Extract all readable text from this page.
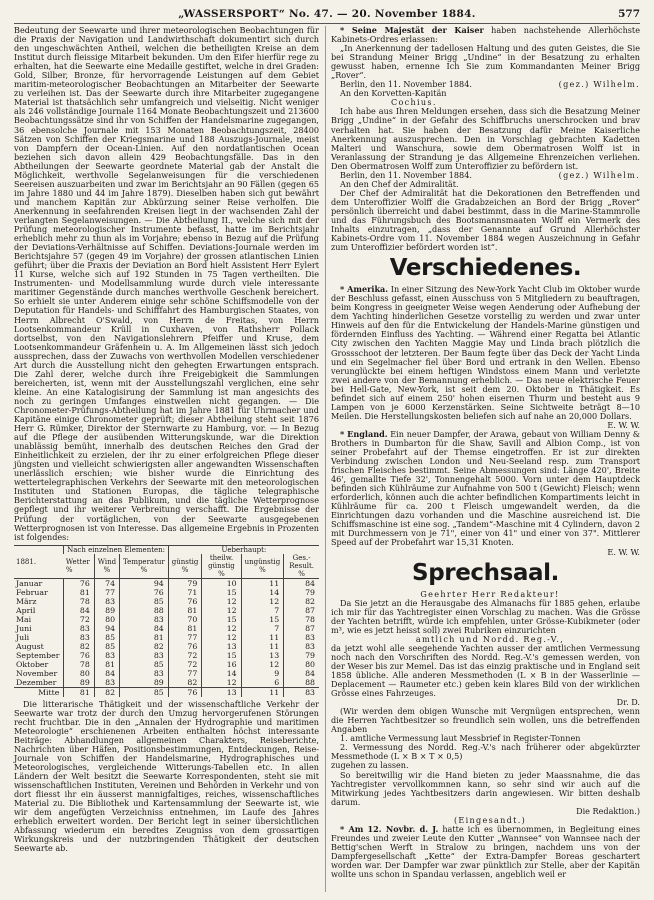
„WASSERSPORT“ No. 47. — 20. November 1884.	577

Bedeutung der Seewarte und ihrer meteorologischen Beobachtungen für die Praxis der Navigation und Landwirthschaft dokumentirt sich durch den ungeschwächten Antheil, welchen die betheiligten Kreise an dem Institut durch fleissige Mitarbeit bekunden. Um den Eifer hierfür rege zu erhalten, hat die Seewarte eine Medaille gestiftet, welche in drei Graden: Gold, Silber, Bronze, für hervorragende Leistungen auf dem Gebiet maritim-meteorologischer Beobachtungen an Mitarbeiter der Seewarte zu verleihen ist. Das der Seewarte durch ihre Mitarbeiter zugegangene Material ist thatsächlich sehr umfangreich und vielseitig. Nicht weniger als 246 vollständige Journale 1164 Monate Beobachtungszeit und 213600 Beobachtungssätze sind ihr von Schiffen der Handelsmarine zugegangen, 36 ebensolche Journale mit 153 Monaten Beobachtungszeit, 28400 Sätzen von Schiffen der Kriegsmarine und 188 Auszugs-Journale, meist von Dampfern der Ocean-Linien. Auf den nordatlantischen Ocean beziehen sich davon allein 429 Beobachtungsfälle. Das in den Abtheilungen der Seewarte geordnete Material gab der Anstalt die Möglichkeit, werthvolle Segelanweisungen für die verschiedenen Seereisen auszuarbeiten und zwar im Berichtsjahr an 90 Fällen (gegen 65 im Jahre 1880 und 44 im Jahre 1879). Dieselben haben sich gut bewährt und manchem Kapitän zur Abkürzung seiner Reise verholfen. Die Anerkennung in seefahrenden Kreisen liegt in der wachsenden Zahl der verlangten Segelanweisungen. — Die Abtheilung II., welche sich mit der Prüfung meteorologischer Instrumente befasst, hatte im Berichtsjahr erheblich mehr zu thun als im Vorjahre; ebenso in Bezug auf die Prüfung der Deviations-Verhältnisse auf Schiffen. Deviations-Journale werden im Berichtsjahre 57 (gegen 49 im Vorjahre) der grossen atlantischen Linien geführt; über die Praxis der Deviation an Bord hielt Assistent Herr Eylert 11 Kurse, welche sich auf 192 Stunden in 75 Tagen vertheilten. Die Instrumenten- und Modellsammlung wurde durch viele interessante maritimer Gegenstände durch manches werthvolle Geschenk bereichert. So erhielt sie unter Anderem einige sehr schöne Schiffsmodelle von der Deputation für Handels- und Schifffahrt des Hamburgischen Staates, von Herrn Albrecht O'Swald, von Herrn de Freitas, von Herrn Lootsenkommandeur Krüll in Cuxhaven, von Rathsherr Pollack dortselbst, von den Navigationslehrern Pfeiffer und Kruse, dem Lootsenkommandeur Gräfenhein u. A. Im Allgemeinen lässt sich jedoch aussprechen, dass der Zuwachs von werthvollen Modellen verschiedener Art durch die Ausstellung nicht den gehegten Erwartungen entsprach. Die Zahl derer, welche durch ihre Freigebigkeit die Sammlungen bereicherten, ist, wenn mit der Ausstellungszahl verglichen, eine sehr kleine. An eine Katalogisirung der Sammlung ist man angesichts des noch zu geringen Umfanges einstweilen nicht gegangen. — Die Chronometer-Prüfungs-Abtheilung hat im Jahre 1881 für Uhrmacher und Kapitäne einige Chronometer geprüft; dieser Abtheilung steht seit 1876 Herr G. Rümker, Direktor der Sternwarte zu Hamburg, vor. — In Bezug auf die Pflege der ausübenden Witterungskunde, war die Direktion unablässig bemüht, innerhalb des deutschen Reiches den Grad der Einheitlichkeit zu erzielen, der ihr zu einer erfolgreichen Pflege dieser jüngsten und vielleicht schwierigsten aller angewandten Wissenschaften unerlässlich erschien; wie bisher wurde die Einrichtung des wettertelegraphischen Verkehrs der Seewarte mit den meteorologischen Instituten und Stationen Europas, die tägliche telegraphische Berichterstattung an das Publikum, und die tägliche Wetterprognose gepflegt und ihr weiterer Verbreitung verschafft. Die Ergebnisse der Prüfung der vortäglichen, von der Seewarte ausgegebenen Wetterprognosen ist von Interesse. Das allgemeine Ergebnis in Prozenten ist folgendes:

1881.	Nach einzelnen Elementen:			Ueberhaupt:			
	Wetter %	Wind %	Temperatur %	günstig %	theilw. günstig %	ungünstig %	Ges.-Result. %
Januar	76	74	94	79	10	11	84
Februar	81	77	76	71	15	14	79
März	78	83	85	76	12	12	82
April	84	89	88	81	12	7	87
Mai	72	80	83	70	15	15	78
Juni	83	94	84	81	12	7	87
Juli	83	85	81	77	12	11	83
August	82	85	82	76	13	11	83
September	76	83	83	72	15	13	79
Oktober	78	81	85	72	16	12	80
November	80	84	83	77	14	9	84
Dezember	89	83	89	82	12	6	88
Mitte	81	82	85	76	13	11	83

Die litterarische Thätigkeit und der wissenschaftliche Verkehr der Seewarte war trotz der durch den Umzug hervorgerufenen Störungen recht fruchtbar. Die in den „Annalen der Hydrographie und maritimen Meteorologie“ erschienenen Arbeiten enthalten höchst interessante Beiträge: Abhandlungen allgemeinen Charakters, Reiseberichte, Nachrichten über Häfen, Positionsbestimmungen, Entdeckungen, Reise-Journale von Schiffen der Handelsmarine, Hydrographisches und Meteorologisches, vergleichende Witterungs-Tabellen etc. In allen Ländern der Welt besitzt die Seewarte Korrespondenten, steht sie mit wissenschaftlichen Instituten, Vereinen und Behörden in Verkehr und von dort fliesst ihr ein äusserst mannigfaltiges, reiches, wissenschaftliches Material zu. Die Bibliothek und Kartensammlung der Seewarte ist, wie wir dem angefügten Verzeichniss entnehmen, im Laufe des Jahres erheblich erweitert worden. Der Bericht legt in seiner übersichtlichen Abfassung wiederum ein beredtes Zeugniss von dem grossartigen Wirkungskreis und der nutzbringenden Thätigkeit der deutschen Seewarte ab.

* Seine Majestät der Kaiser haben nachstehende Allerhöchste Kabinets-Ordres erlassen:

„In Anerkennung der tadellosen Haltung und des guten Geistes, die Sie bei Strandung Meiner Brigg „Undine“ in der Besatzung zu erhalten gewusst haben, ernenne Ich Sie zum Kommandanten Meiner Brigg „Rover“.

Berlin, den 11. November 1884.	(gez.) Wilhelm.

An den Korvetten-Kapitän

Cochius.

Ich habe aus Ihren Meldungen ersehen, dass sich die Besatzung Meiner Brigg „Undine“ in der Gefahr des Schiffbruchs unerschrocken und brav verhalten hat. Sie haben der Besatzung dafür Meine Kaiserliche Anerkennung auszusprechen. Den in Vorschlag gebrachten Kadetten Malteri und Wanschura, sowie dem Obermatrosen Wolff ist in Veranlassung der Strandung je das Allgemeine Ehrenzeichen verliehen. Den Obermatrosen Wolff zum Unteroffizier zu befördern ist.

Berlin, den 11. November 1884.	(gez.) Wilhelm.

An den Chef der Admiralität.

Der Chef der Admiralität hat die Dekorationen den Betreffenden und dem Unteroffizier Wolff die Gradabzeichen an Bord der Brigg „Rover“ persönlich überreicht und dabei bestimmt, dass in die Marine-Stammrolle und das Führungsbuch des Bootsmannsmaaten Wolff ein Vermerk des Inhalts einzutragen, „dass der Genannte auf Grund Allerhöchster Kabinets-Ordre vom 11. November 1884 wegen Auszeichnung in Gefahr zum Unteroffizier befördert worden ist“.

Verschiedenes.

* Amerika. In einer Sitzung des New-York Yacht Club im Oktober wurde der Beschluss gefasst, einen Ausschuss von 5 Mitgliedern zu beauftragen, beim Kongress in geeigneter Weise wegen Aenderung oder Aufhebung der dem Yachting hinderlichen Gesetze vorstellig zu werden und zwar unter Hinweis auf den für die Entwickelung der Handels-Marine günstigen und fördernden Einfluss des Yachting. — Während einer Regatta bei Atlantic City zwischen den Yachten Maggie May und Linda brach plötzlich die Grossschoot der letzteren. Der Baum fegte über das Deck der Yacht Linda und ein Segelmacher fiel über Bord und ertrank in den Wellen. Ebenso verunglückte bei einem heftigen Windstoss einem Mann und verletzte zwei andere von der Bemannung erheblich. — Das neue elektrische Feuer bei Hell-Gate, New-York, ist seit dem 20. Oktober in Thätigkeit. Es befindet sich auf einem 250' hohen eisernen Thurm und besteht aus 9 Lampen von je 6000 Kerzenstärken. Seine Sichtweite beträgt 8—10 Meilen. Die Herstellungskosten beliefen sich auf nahe an 20,000 Dollars.

E. W. W.

* England. Ein neuer Dampfer, der Arawa, gebaut von William Denny & Brothers in Dumbarton für die Shaw, Savill and Albion Comp., ist von seiner Probefahrt auf der Themse eingetroffen. Er ist zur direkten Verbindung zwischen London und Neu-Seeland resp. zum Transport frischen Fleisches bestimmt. Seine Abmessungen sind: Länge 420', Breite 46', gemallte Tiefe 32', Tonnengehalt 5000. Vorn unter dem Hauptdeck befinden sich Kühlräume zur Aufnahme von 500 t (Gewicht) Fleisch; wenn erforderlich, können auch die achter befindlichen Kompartiments leicht in Kühlräume für ca. 200 t Fleisch umgewandelt werden, da die Einrichtungen dazu vorhanden und die Maschine ausreichend ist. Die Schiffsmaschine ist eine sog. „Tandem“-Maschine mit 4 Cylindern, davon 2 mit Durchmessern von je 71", einer von 41" und einer von 37". Mittlerer Speed auf der Probefahrt war 15,31 Knoten.

E. W. W.

Sprechsaal.

Geehrter Herr Redakteur!

Da Sie jetzt an die Herausgabe des Almanachs für 1885 gehen, erlaube ich mir für das Yachtregister einen Vorschlag zu machen. Was die Grösse der Yachten betrifft, würde ich empfehlen, unter Grösse-Kubikmeter (oder m³, wie es jetzt heisst soll) zwei Rubriken einzurichten

amtlich und Nordd. Reg.-V.,

da jetzt wohl alle seegehende Yachten ausser der amtlichen Vermessung noch nach den Vorschriften des Nordd. Reg.-V.'s gemessen werden, von der Weser bis zur Memel. Das ist das einzig praktische und in England seit 1858 übliche. Alle anderen Messmethoden (L × B in der Wasserlinie — Deplacement — Raumeter etc.) geben kein klares Bild von der wirklichen Grösse eines Fahrzeuges.

Dr. D.

(Wir werden dem obigen Wunsche mit Vergnügen entsprechen, wenn die Herren Yachtbesitzer so freundlich sein wollen, uns die betreffenden Angaben

1. amtliche Vermessung laut Messbrief in Register-Tonnen

2. Vermessung des Nordd. Reg.-V.'s nach früherer oder abgekürzter Messmethode (L × B × T × 0,5)

zugehen zu lassen.

So bereitwillig wir die Hand bieten zu jeder Maassnahme, die das Yachtregister vervollkommnen kann, so sehr sind wir auch auf die Mitwirkung jedes Yachtbesitzers darin angewiesen. Wir bitten deshalb darum.

Die Redaktion.)

(Eingesandt.)

* Am 12. Novbr. d. J. hatte ich es übernommen, in Begleitung eines Freundes und zweier Leute den Kutter „Wannsee“ von Wannsee nach der Bettig'schen Werft in Stralow zu bringen, nachdem uns von der Dampfergesellschaft „Kette“ der Extra-Dampfer Boreas geschartert worden war. Der Dampfer war zwar pünktlich zur Stelle, aber der Kapitän wollte uns schon in Spandau verlassen, angeblich weil er
